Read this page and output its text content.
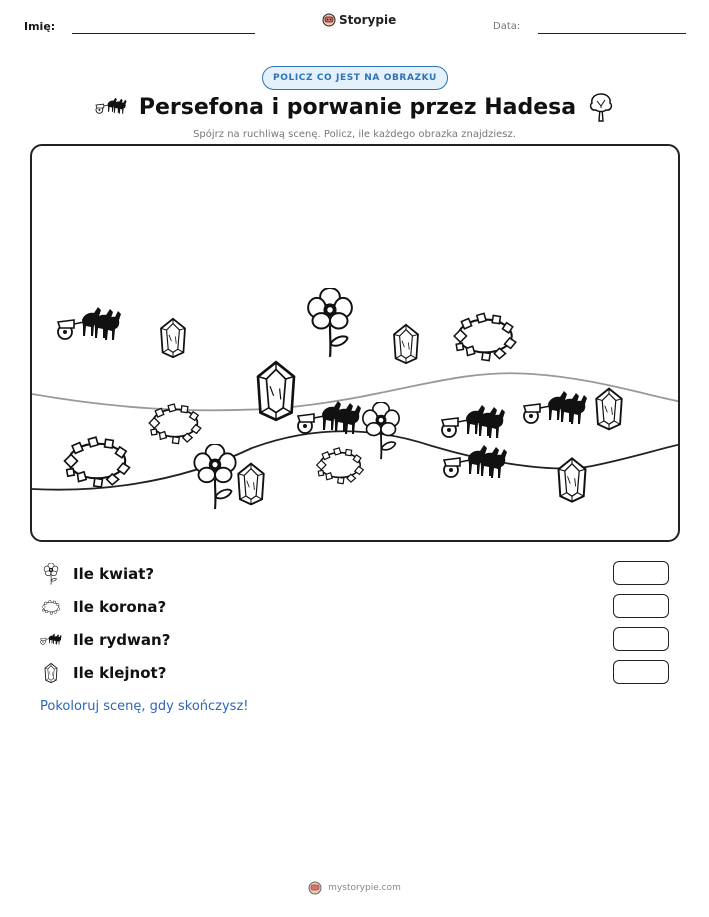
Imię:	Storypie	Data:
POLICZ CO JEST NA OBRAZKU
Persefona i porwanie przez Hadesa
Spójrz na ruchliwą scenę. Policz, ile każdego obrazka znajdziesz.
Ile kwiat?
Ile korona?
Ile rydwan?
Ile klejnot?
Pokoloruj scenę, gdy skończysz!
mystorypie.com
